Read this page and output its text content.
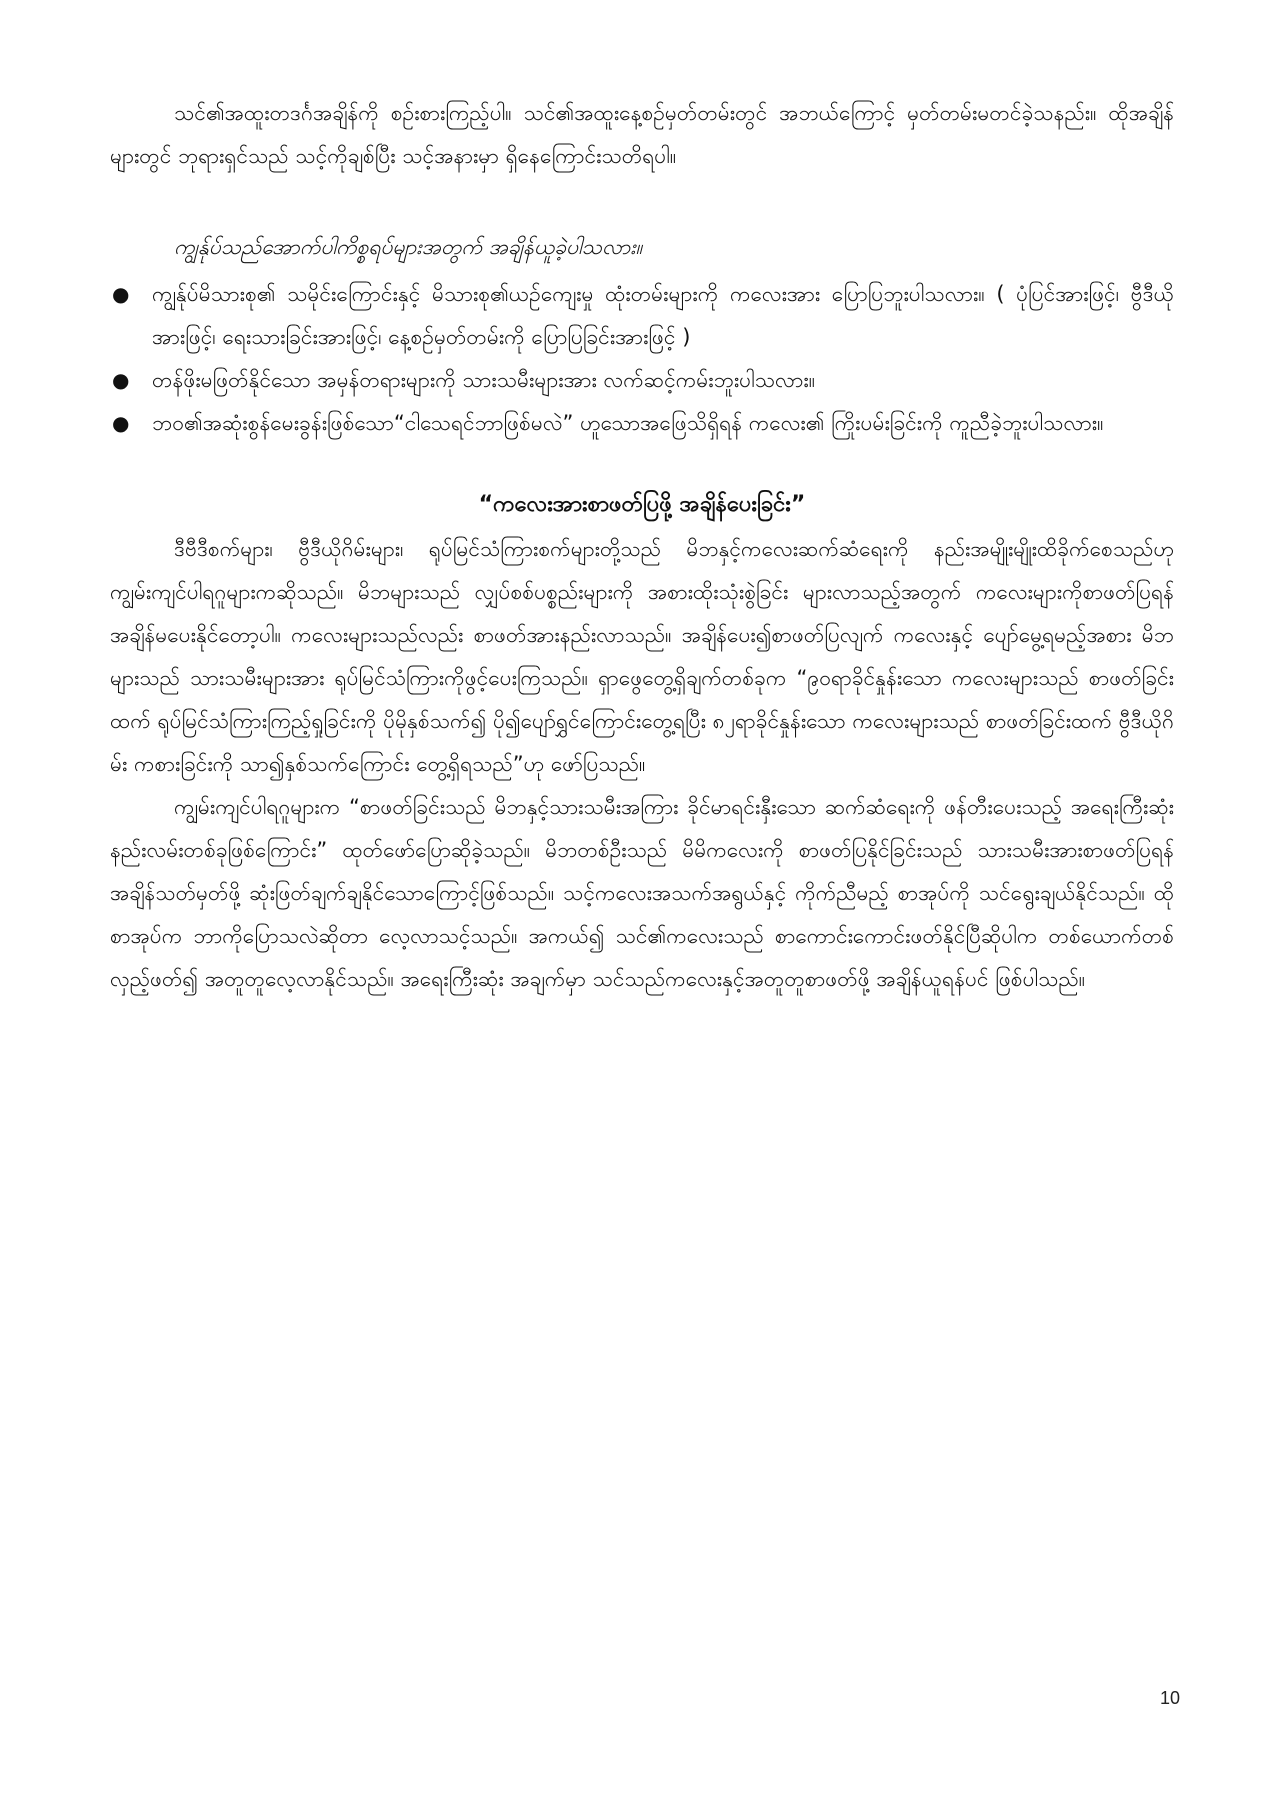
သင်၏အထူးတဒင်္ဂအချိန်ကို စဉ်းစားကြည့်ပါ။ သင်၏အထူးနေ့စဉ်မှတ်တမ်းတွင် အဘယ်ကြောင့် မှတ်တမ်းမတင်ခဲ့သနည်း။ ထိုအချိန်များတွင် ဘုရားရှင်သည် သင့်ကိုချစ်ပြီး သင့်အနားမှာ ရှိနေကြောင်းသတိရပါ။

ကျွန်ုပ်သည်အောက်ပါကိစ္စရပ်များအတွက် အချိန်ယူခဲ့ပါသလား။

● ကျွန်ုပ်မိသားစု၏ သမိုင်းကြောင်းနှင့် မိသားစု၏ယဉ်ကျေးမှု ထုံးတမ်းများကို ကလေးအား ပြောပြဘူးပါသလား။ ( ပုံပြင်အားဖြင့်၊ ဗွီဒီယိုအားဖြင့်၊ ရေးသားခြင်းအားဖြင့်၊ နေ့စဉ်မှတ်တမ်းကို ပြောပြခြင်းအားဖြင့် )
● တန်ဖိုးမဖြတ်နိုင်သော အမှန်တရားများကို သားသမီးများအား လက်ဆင့်ကမ်းဘူးပါသလား။
● ဘဝ၏အဆုံးစွန်မေးခွန်းဖြစ်သော“ငါသေရင်ဘာဖြစ်မလဲ” ဟူသောအဖြေသိရှိရန် ကလေး၏ ကြိုးပမ်းခြင်းကို ကူညီခဲ့ဘူးပါသလား။
“ကလေးအားစာဖတ်ပြဖို့ အချိန်ပေးခြင်း”

ဒီဗီဒီစက်များ၊ ဗွီဒီယိုဂိမ်းများ၊ ရုပ်မြင်သံကြားစက်များတို့သည် မိဘနှင့်ကလေးဆက်ဆံရေးကို နည်းအမျိုးမျိုးထိခိုက်စေသည်ဟု ကျွမ်းကျင်ပါရဂူများကဆိုသည်။ မိဘများသည် လျှပ်စစ်ပစ္စည်းများကို အစားထိုးသုံးစွဲခြင်း များလာသည့်အတွက် ကလေးများကိုစာဖတ်ပြရန် အချိန်မပေးနိုင်တော့ပါ။ ကလေးများသည်လည်း စာဖတ်အားနည်းလာသည်။ အချိန်ပေး၍စာဖတ်ပြလျက် ကလေးနှင့် ပျော်မွေ့ရမည့်အစား မိဘများသည် သားသမီးများအား ရုပ်မြင်သံကြားကိုဖွင့်ပေးကြသည်။ ရှာဖွေတွေ့ရှိချက်တစ်ခုက “၉၀ရာခိုင်နှုန်းသော ကလေးများသည် စာဖတ်ခြင်းထက် ရုပ်မြင်သံကြားကြည့်ရှုခြင်းကို ပိုမိုနှစ်သက်၍ ပို၍ပျော်ရွှင်ကြောင်းတွေ့ရပြီး ၈၂ရာခိုင်နှုန်းသော ကလေးများသည် စာဖတ်ခြင်းထက် ဗွီဒီယိုဂိမ်း ကစားခြင်းကို သာ၍နှစ်သက်ကြောင်း တွေ့ရှိရသည်”ဟု ဖော်ပြသည်။

ကျွမ်းကျင်ပါရဂူများက “စာဖတ်ခြင်းသည် မိဘနှင့်သားသမီးအကြား ခိုင်မာရင်းနှီးသော ဆက်ဆံရေးကို ဖန်တီးပေးသည့် အရေးကြီးဆုံးနည်းလမ်းတစ်ခုဖြစ်ကြောင်း” ထုတ်ဖော်ပြောဆိုခဲ့သည်။ မိဘတစ်ဦးသည် မိမိကလေးကို စာဖတ်ပြနိုင်ခြင်းသည် သားသမီးအားစာဖတ်ပြရန် အချိန်သတ်မှတ်ဖို့ ဆုံးဖြတ်ချက်ချနိုင်သောကြောင့်ဖြစ်သည်။ သင့်ကလေးအသက်အရွယ်နှင့် ကိုက်ညီမည့် စာအုပ်ကို သင်ရွေးချယ်နိုင်သည်။ ထိုစာအုပ်က ဘာကိုပြောသလဲဆိုတာ လေ့လာသင့်သည်။ အကယ်၍ သင်၏ကလေးသည် စာကောင်းကောင်းဖတ်နိုင်ပြီဆိုပါက တစ်ယောက်တစ်လှည့်ဖတ်၍ အတူတူလေ့လာနိုင်သည်။ အရေးကြီးဆုံး အချက်မှာ သင်သည်ကလေးနှင့်အတူတူစာဖတ်ဖို့ အချိန်ယူရန်ပင် ဖြစ်ပါသည်။

10
